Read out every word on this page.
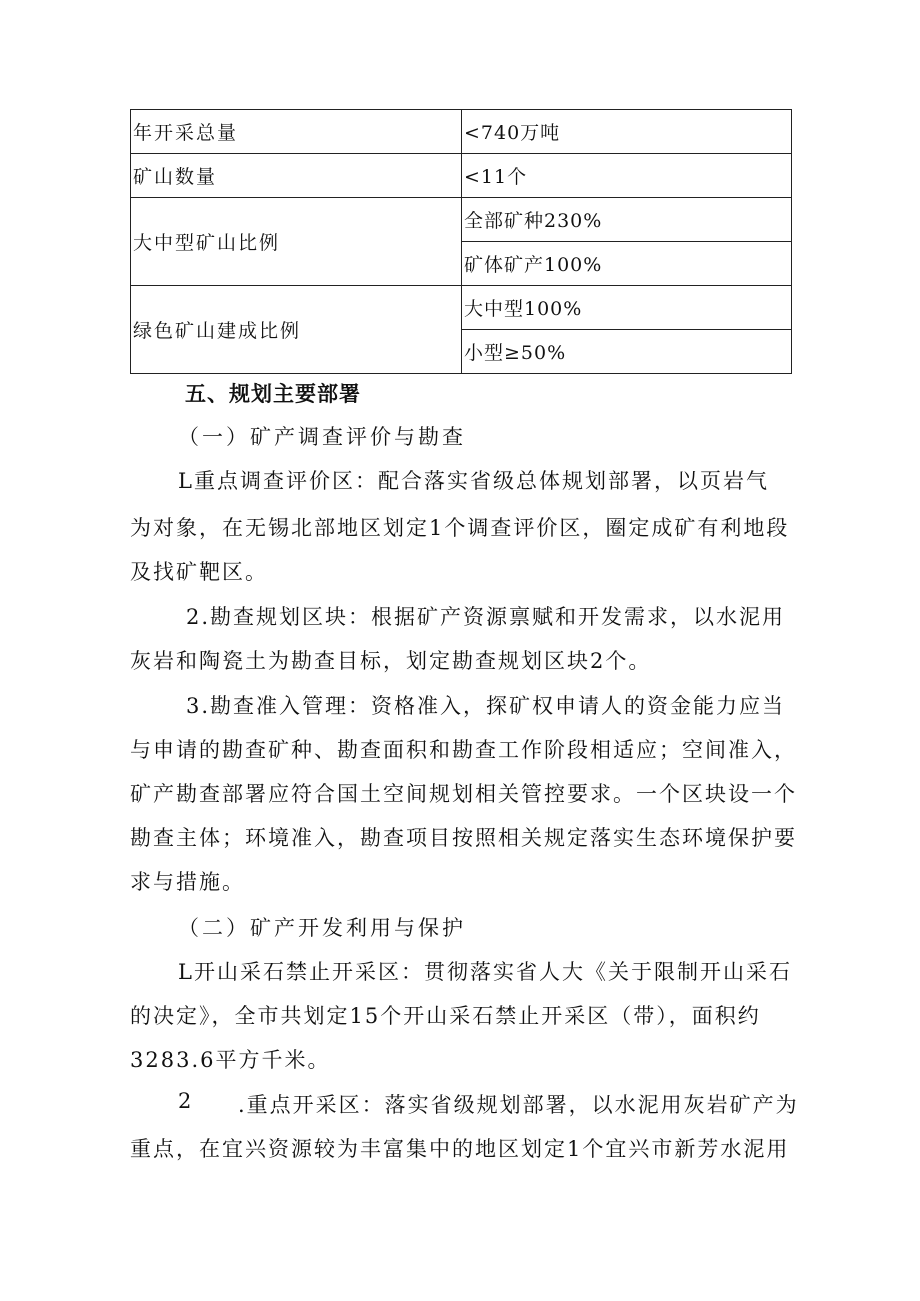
年开采总量	<740万吨
矿山数量	<11个
大中型矿山比例	全部矿种230%
	矿体矿产100%
绿色矿山建成比例	大中型100%
	小型≥50%
五、规划主要部署
（一）矿产调查评价与勘查
L重点调查评价区：配合落实省级总体规划部署，以页岩气
为对象，在无锡北部地区划定1个调查评价区，圈定成矿有利地段
及找矿靶区。
2.勘查规划区块：根据矿产资源禀赋和开发需求，以水泥用
灰岩和陶瓷土为勘查目标，划定勘查规划区块2个。
3.勘查准入管理：资格准入，探矿权申请人的资金能力应当
与申请的勘查矿种、勘查面积和勘查工作阶段相适应；空间准入，
矿产勘查部署应符合国土空间规划相关管控要求。一个区块设一个
勘查主体；环境准入，勘查项目按照相关规定落实生态环境保护要
求与措施。
（二）矿产开发利用与保护
L开山采石禁止开采区：贯彻落实省人大《关于限制开山采石
的决定》，全市共划定15个开山采石禁止开采区（带），面积约
3283.6平方千米。
2 .重点开采区：落实省级规划部署，以水泥用灰岩矿产为
重点，在宜兴资源较为丰富集中的地区划定1个宜兴市新芳水泥用
